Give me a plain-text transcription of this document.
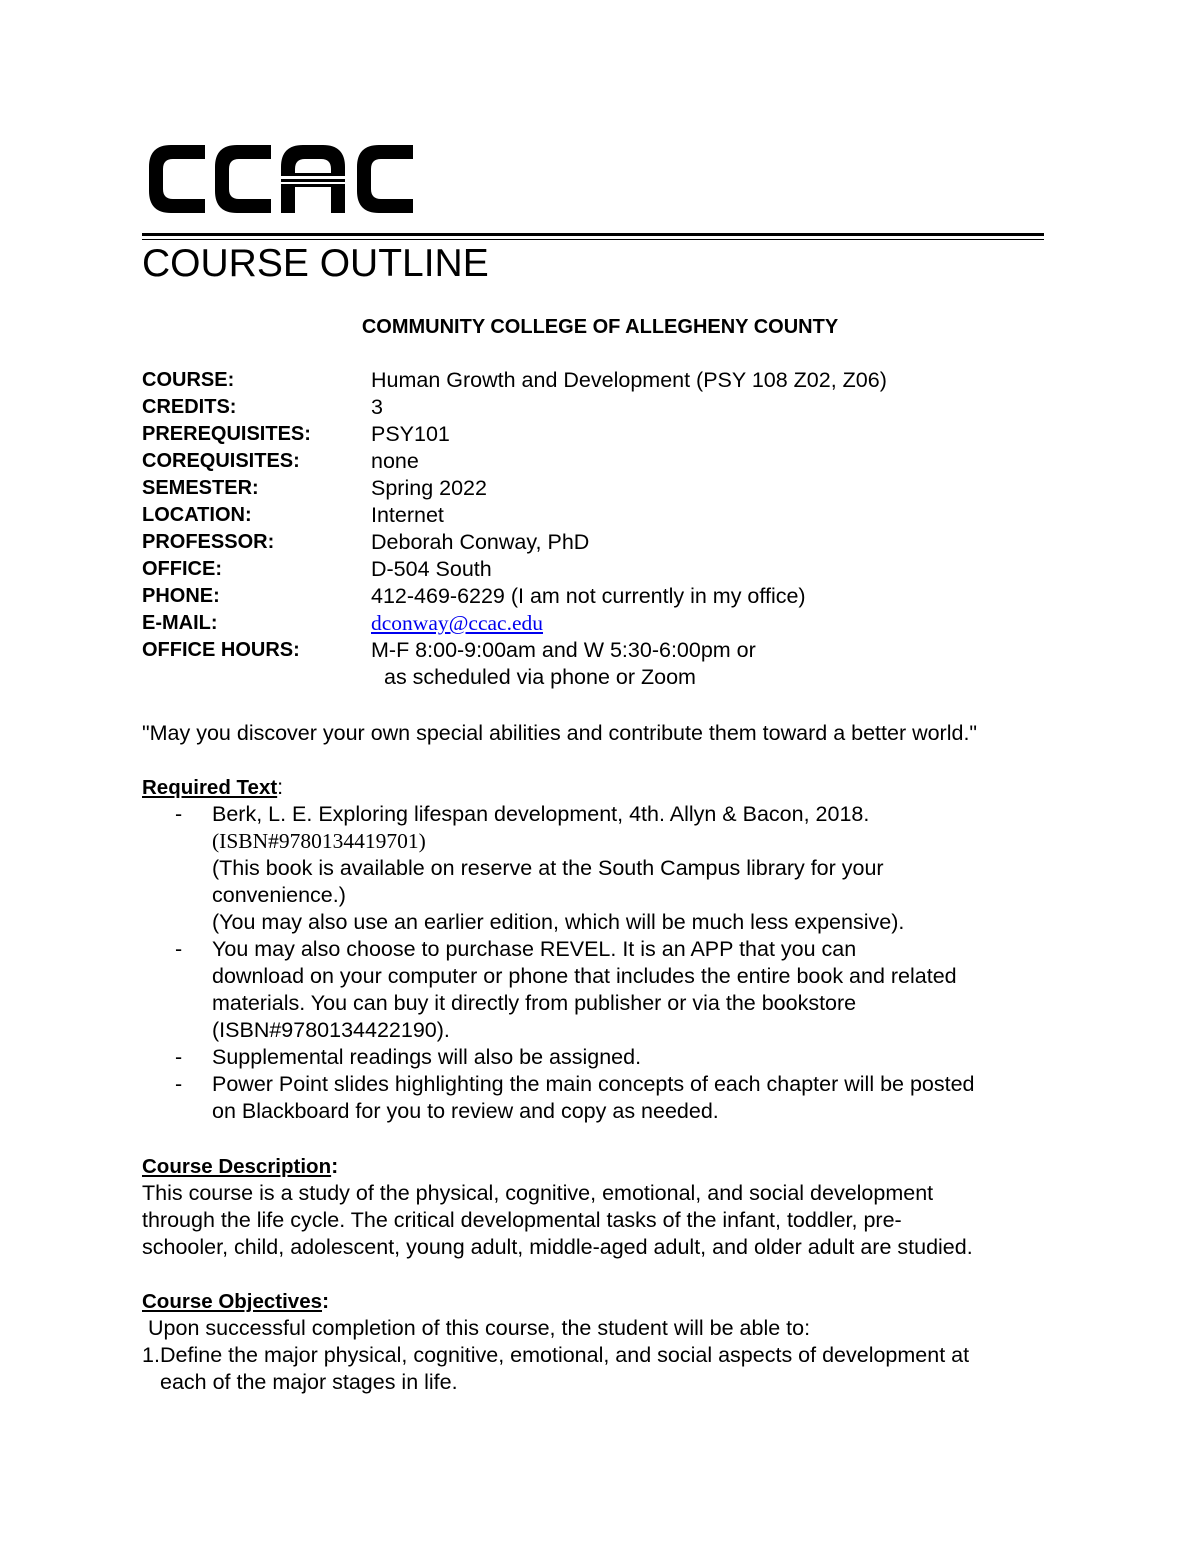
CCAC
COURSE OUTLINE
COMMUNITY COLLEGE OF ALLEGHENY COUNTY
COURSE:	Human Growth and Development (PSY 108 Z02, Z06)
CREDITS:	3
PREREQUISITES:	PSY101
COREQUISITES:	none
SEMESTER:	Spring 2022
LOCATION:	Internet
PROFESSOR:	Deborah Conway, PhD
OFFICE:	D-504 South
PHONE:	412-469-6229 (I am not currently in my office)
E-MAIL:	dconway@ccac.edu
OFFICE HOURS:	M-F 8:00-9:00am and W 5:30-6:00pm or
as scheduled via phone or Zoom
"May you discover your own special abilities and contribute them toward a better world."
Required Text:
-	Berk, L. E. Exploring lifespan development, 4th. Allyn & Bacon, 2018.
(ISBN#9780134419701)
(This book is available on reserve at the South Campus library for your
convenience.)
(You may also use an earlier edition, which will be much less expensive).
-	You may also choose to purchase REVEL. It is an APP that you can
download on your computer or phone that includes the entire book and related
materials. You can buy it directly from publisher or via the bookstore
(ISBN#9780134422190).
-	Supplemental readings will also be assigned.
-	Power Point slides highlighting the main concepts of each chapter will be posted
on Blackboard for you to review and copy as needed.
Course Description:
This course is a study of the physical, cognitive, emotional, and social development
through the life cycle. The critical developmental tasks of the infant, toddler, pre-
schooler, child, adolescent, young adult, middle-aged adult, and older adult are studied.
Course Objectives:
Upon successful completion of this course, the student will be able to:
1. Define the major physical, cognitive, emotional, and social aspects of development at
each of the major stages in life.
